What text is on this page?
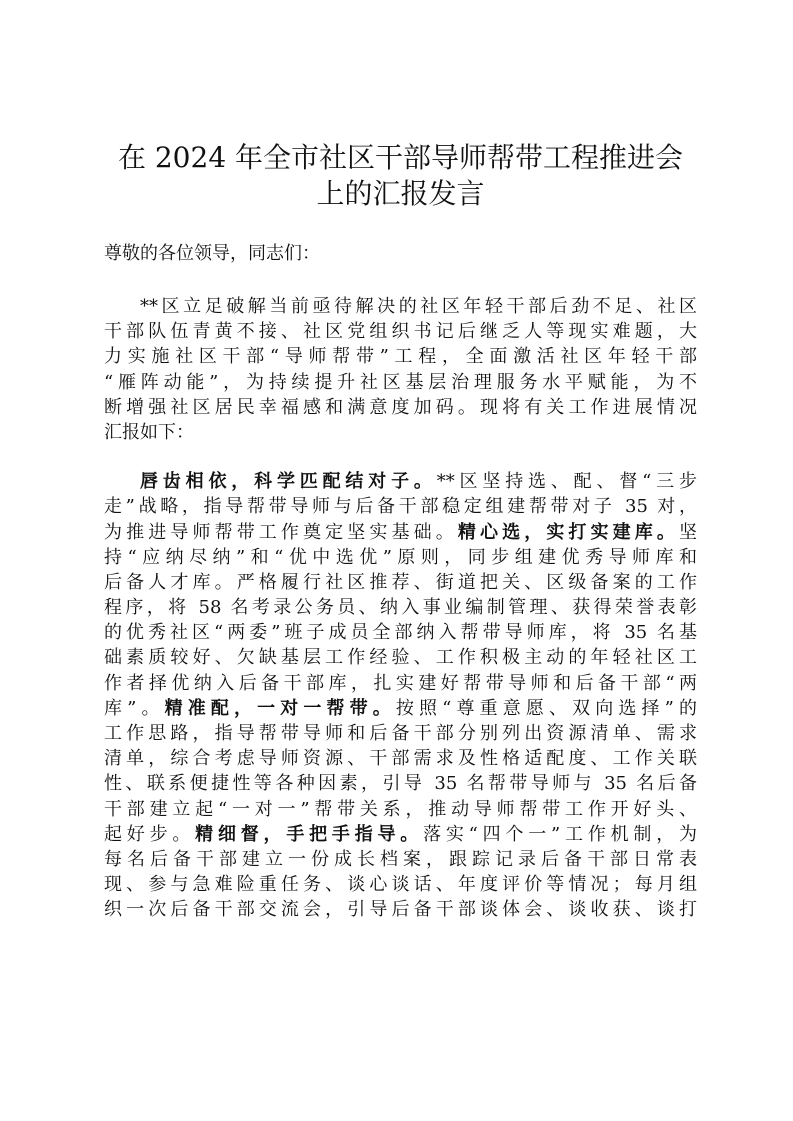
在 2024 年全市社区干部导师帮带工程推进会
上的汇报发言

尊敬的各位领导，同志们：

**区立足破解当前亟待解决的社区年轻干部后劲不足、社区
干部队伍青黄不接、社区党组织书记后继乏人等现实难题，大
力实施社区干部“导师帮带”工程，全面激活社区年轻干部
“雁阵动能”，为持续提升社区基层治理服务水平赋能，为不
断增强社区居民幸福感和满意度加码。现将有关工作进展情况
汇报如下：
唇齿相依，科学匹配结对子。**区坚持选、配、督“三步
走”战略，指导帮带导师与后备干部稳定组建帮带对子 35 对，
为推进导师帮带工作奠定坚实基础。精心选，实打实建库。坚
持“应纳尽纳”和“优中选优”原则，同步组建优秀导师库和
后备人才库。严格履行社区推荐、街道把关、区级备案的工作
程序，将 58 名考录公务员、纳入事业编制管理、获得荣誉表彰
的优秀社区“两委”班子成员全部纳入帮带导师库，将 35 名基
础素质较好、欠缺基层工作经验、工作积极主动的年轻社区工
作者择优纳入后备干部库，扎实建好帮带导师和后备干部“两
库”。精准配，一对一帮带。按照“尊重意愿、双向选择”的
工作思路，指导帮带导师和后备干部分别列出资源清单、需求
清单，综合考虑导师资源、干部需求及性格适配度、工作关联
性、联系便捷性等各种因素，引导 35 名帮带导师与 35 名后备
干部建立起“一对一”帮带关系，推动导师帮带工作开好头、
起好步。精细督，手把手指导。落实“四个一”工作机制，为
每名后备干部建立一份成长档案，跟踪记录后备干部日常表
现、参与急难险重任务、谈心谈话、年度评价等情况；每月组
织一次后备干部交流会，引导后备干部谈体会、谈收获、谈打
